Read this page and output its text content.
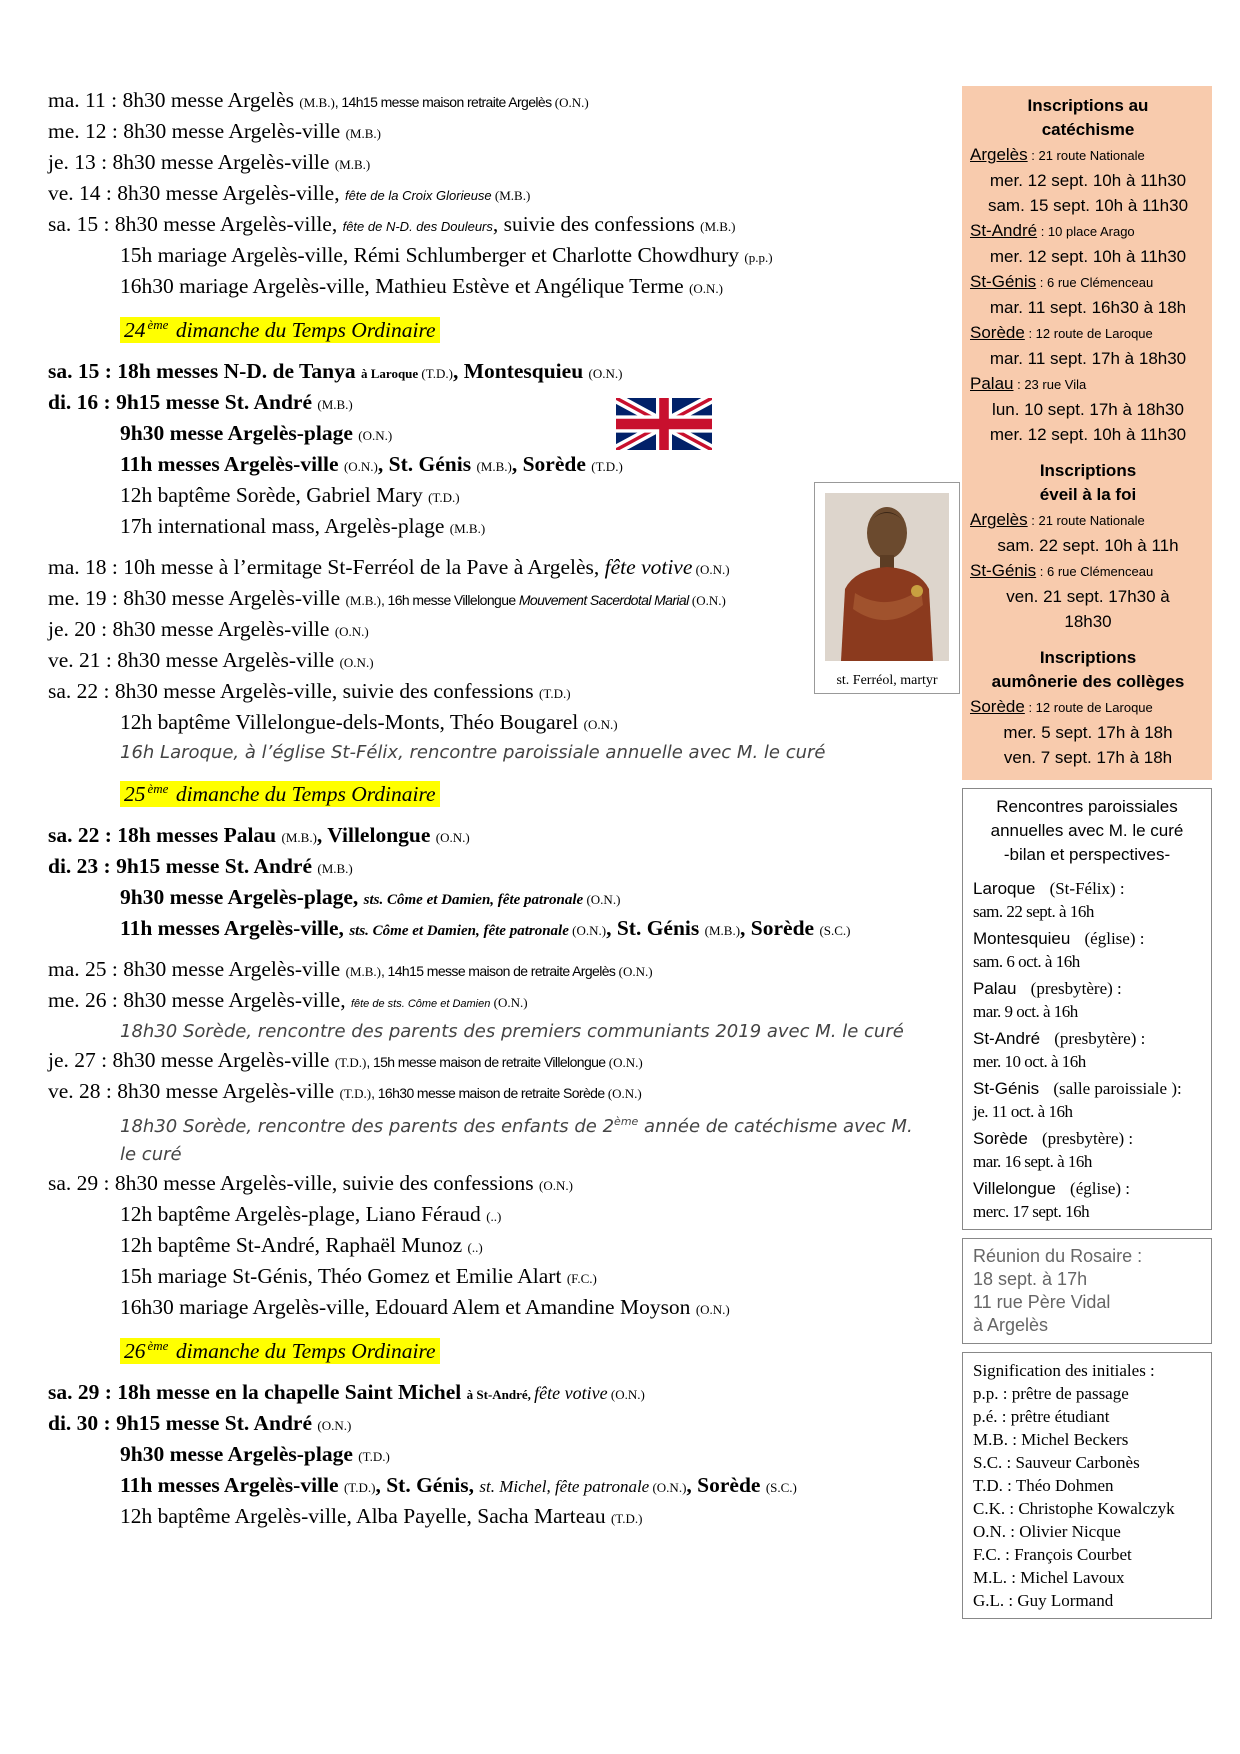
ma. 11 : 8h30 messe Argelès (M.B.), 14h15 messe maison retraite Argelès (O.N.)
me. 12 : 8h30 messe Argelès-ville (M.B.)
je. 13 : 8h30 messe Argelès-ville (M.B.)
ve. 14 : 8h30 messe Argelès-ville, fête de la Croix Glorieuse (M.B.)
sa. 15 : 8h30 messe Argelès-ville, fête de N-D. des Douleurs, suivie des confessions (M.B.)
15h mariage Argelès-ville, Rémi Schlumberger et Charlotte Chowdhury (p.p.)
16h30 mariage Argelès-ville, Mathieu Estève et Angélique Terme (O.N.)
24 $^{ème}$ dimanche du Temps Ordinaire
sa. 15 : 18h messes N-D. de Tanya à Laroque (T.D.), Montesquieu (O.N.)
di. 16 : 9h15 messe St. André (M.B.)
9h30 messe Argelès-plage (O.N.)
11h messes Argelès-ville (O.N.), St. Génis (M.B.), Sorède (T.D.)
12h baptême Sorède, Gabriel Mary (T.D.)
17h international mass, Argelès-plage (M.B.)
ma. 18 : 10h messe à l’ermitage St-Ferréol de la Pave à Argelès, fête votive (O.N.)
me. 19 : 8h30 messe Argelès-ville (M.B.), 16h messe Villelongue Mouvement Sacerdotal Marial (O.N.)
je. 20 : 8h30 messe Argelès-ville (O.N.)
ve. 21 : 8h30 messe Argelès-ville (O.N.)
sa. 22 : 8h30 messe Argelès-ville, suivie des confessions (T.D.)
12h baptême Villelongue-dels-Monts, Théo Bougarel (O.N.)
16h Laroque, à l’église St-Félix, rencontre paroissiale annuelle avec M. le curé
25 $^{ème}$ dimanche du Temps Ordinaire
sa. 22 : 18h messes Palau (M.B.), Villelongue (O.N.)
di. 23 : 9h15 messe St. André (M.B.)
9h30 messe Argelès-plage, sts. Côme et Damien, fête patronale (O.N.)
11h messes Argelès-ville, sts. Côme et Damien, fête patronale (O.N.), St. Génis (M.B.), Sorède (S.C.)
ma. 25 : 8h30 messe Argelès-ville (M.B.), 14h15 messe maison de retraite Argelès (O.N.)
me. 26 : 8h30 messe Argelès-ville, fête de sts. Côme et Damien (O.N.)
18h30 Sorède, rencontre des parents des premiers communiants 2019 avec M. le curé
je. 27 : 8h30 messe Argelès-ville (T.D.), 15h messe maison de retraite Villelongue (O.N.)
ve. 28 : 8h30 messe Argelès-ville (T.D.), 16h30 messe maison de retraite Sorède (O.N.)
18h30 Sorède, rencontre des parents des enfants de 2ème année de catéchisme avec M. le curé
sa. 29 : 8h30 messe Argelès-ville, suivie des confessions (O.N.)
12h baptême Argelès-plage, Liano Féraud (..)
12h baptême St-André, Raphaël Munoz (..)
15h mariage St-Génis, Théo Gomez et Emilie Alart (F.C.)
16h30 mariage Argelès-ville, Edouard Alem et Amandine Moyson (O.N.)
26 $^{ème}$ dimanche du Temps Ordinaire
sa. 29 : 18h messe en la chapelle Saint Michel à St-André, fête votive (O.N.)
di. 30 : 9h15 messe St. André (O.N.)
9h30 messe Argelès-plage (T.D.)
11h messes Argelès-ville (T.D.), St. Génis, st. Michel, fête patronale (O.N.), Sorède (S.C.)
12h baptême Argelès-ville, Alba Payelle, Sacha Marteau (T.D.)
st. Ferréol, martyr
Inscriptions au
catéchisme
Argelès : 21 route Nationale
mer. 12 sept. 10h à 11h30
sam. 15 sept. 10h à 11h30
St-André : 10 place Arago
mer. 12 sept. 10h à 11h30
St-Génis : 6 rue Clémenceau
mar. 11 sept. 16h30 à 18h
Sorède : 12 route de Laroque
mar. 11 sept. 17h à 18h30
Palau : 23 rue Vila
lun. 10 sept. 17h à 18h30
mer. 12 sept. 10h à 11h30
Inscriptions
éveil à la foi
Argelès : 21 route Nationale
sam. 22 sept. 10h à 11h
St-Génis : 6 rue Clémenceau
ven. 21 sept. 17h30 à
18h30
Inscriptions
aumônerie des collèges
Sorède : 12 route de Laroque
mer. 5 sept. 17h à 18h
ven. 7 sept. 17h à 18h
Rencontres paroissiales
annuelles avec M. le curé
-bilan et perspectives-
Laroque (St-Félix) :
sam. 22 sept. à 16h
Montesquieu (église) :
sam. 6 oct. à 16h
Palau (presbytère) :
mar. 9 oct. à 16h
St-André (presbytère) :
mer. 10 oct. à 16h
St-Génis (salle paroissiale ):
je. 11 oct. à 16h
Sorède (presbytère) :
mar. 16 sept. à 16h
Villelongue (église) :
merc. 17 sept. 16h
Réunion du Rosaire :
18 sept. à 17h
11 rue Père Vidal
à Argelès
Signification des initiales :
p.p. : prêtre de passage
p.é. : prêtre étudiant
M.B. : Michel Beckers
S.C. : Sauveur Carbonès
T.D. : Théo Dohmen
C.K. : Christophe Kowalczyk
O.N. : Olivier Nicque
F.C. : François Courbet
M.L. : Michel Lavoux
G.L. : Guy Lormand
